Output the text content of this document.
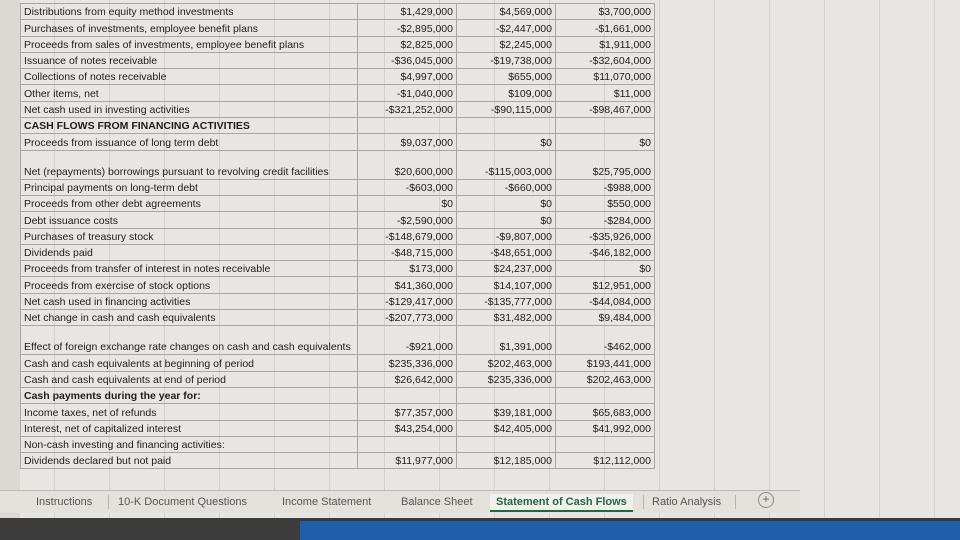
Distributions from equity method investments	$1,429,000	$4,569,000	$3,700,000
Purchases of investments, employee benefit plans	-$2,895,000	-$2,447,000	-$1,661,000
Proceeds from sales of investments, employee benefit plans	$2,825,000	$2,245,000	$1,911,000
Issuance of notes receivable	-$36,045,000	-$19,738,000	-$32,604,000
Collections of notes receivable	$4,997,000	$655,000	$11,070,000
Other items, net	-$1,040,000	$109,000	$11,000
Net cash used in investing activities	-$321,252,000	-$90,115,000	-$98,467,000
CASH FLOWS FROM FINANCING ACTIVITIES			
Proceeds from issuance of long term debt	$9,037,000	$0	$0
Net (repayments) borrowings pursuant to revolving credit facilities	$20,600,000	-$115,003,000	$25,795,000
Principal payments on long-term debt	-$603,000	-$660,000	-$988,000
Proceeds from other debt agreements	$0	$0	$550,000
Debt issuance costs	-$2,590,000	$0	-$284,000
Purchases of treasury stock	-$148,679,000	-$9,807,000	-$35,926,000
Dividends paid	-$48,715,000	-$48,651,000	-$46,182,000
Proceeds from transfer of interest in notes receivable	$173,000	$24,237,000	$0
Proceeds from exercise of stock options	$41,360,000	$14,107,000	$12,951,000
Net cash used in financing activities	-$129,417,000	-$135,777,000	-$44,084,000
Net change in cash and cash equivalents	-$207,773,000	$31,482,000	$9,484,000
Effect of foreign exchange rate changes on cash and cash equivalents	-$921,000	$1,391,000	-$462,000
Cash and cash equivalents at beginning of period	$235,336,000	$202,463,000	$193,441,000
Cash and cash equivalents at end of period	$26,642,000	$235,336,000	$202,463,000
Cash payments during the year for:			
Income taxes, net of refunds	$77,357,000	$39,181,000	$65,683,000
Interest, net of capitalized interest	$43,254,000	$42,405,000	$41,992,000
Non-cash investing and financing activities:			
Dividends declared but not paid	$11,977,000	$12,185,000	$12,112,000
Instructions	10-K Document Questions	Income Statement	Balance Sheet	Statement of Cash Flows	Ratio Analysis	+
